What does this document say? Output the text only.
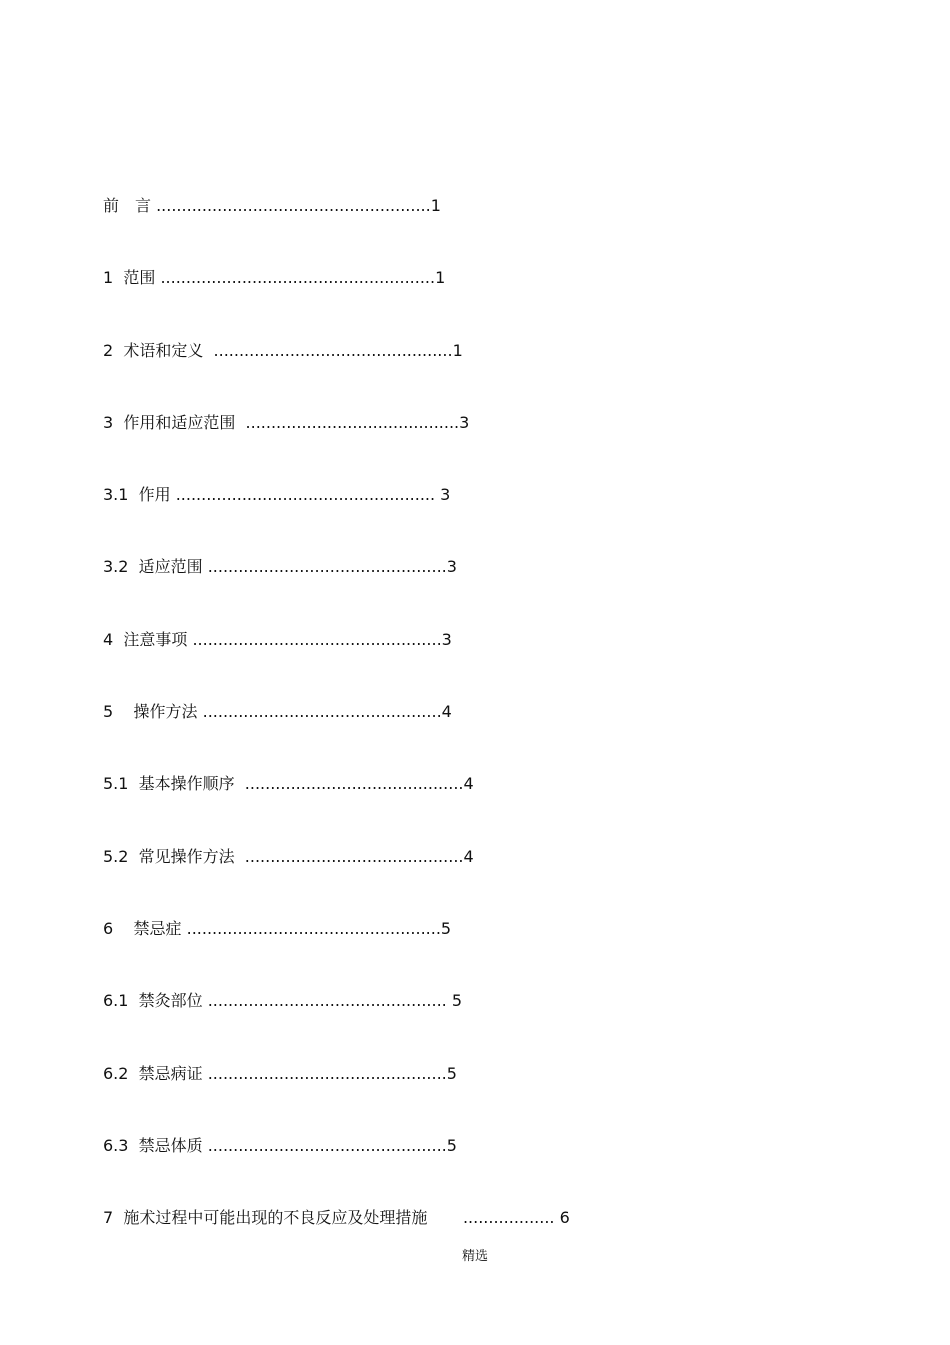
前　言 ......................................................1
1  范围 ......................................................1
2  术语和定义  ...............................................1
3  作用和适应范围  ..........................................3
3.1  作用 ................................................... 3
3.2  适应范围 ...............................................3
4  注意事项 .................................................3
5    操作方法 ...............................................4
5.1  基本操作顺序  ...........................................4
5.2  常见操作方法  ...........................................4
6    禁忌症 ..................................................5
6.1  禁灸部位 ............................................... 5
6.2  禁忌病证 ...............................................5
6.3  禁忌体质 ...............................................5
7  施术过程中可能出现的不良反应及处理措施       .................. 6
精选
